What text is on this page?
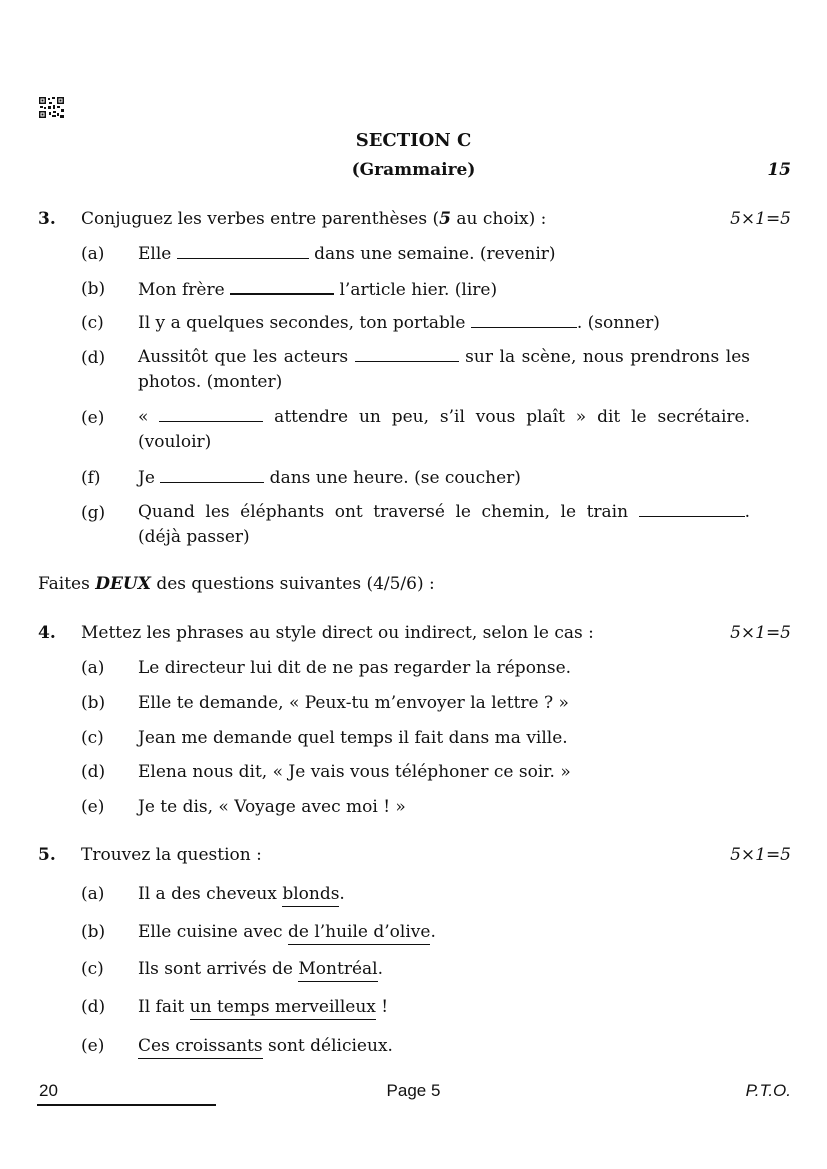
SECTION C
(Grammaire)	15
3. Conjuguez les verbes entre parenthèses (5 au choix) :	5×1=5
(a) Elle	dans une semaine. (revenir)
(b) Mon frère	l’article hier. (lire)
(c) Il y a quelques secondes, ton portable	. (sonner)
(d) Aussitôt que les acteurs	sur la scène, nous prendrons les photos. (monter)
(e) «	attendre un peu, s’il vous plaît » dit le secrétaire. (vouloir)
(f) Je	dans une heure. (se coucher)
(g) Quand les éléphants ont traversé le chemin, le train	. (déjà passer)
Faites DEUX des questions suivantes (4/5/6) :
4. Mettez les phrases au style direct ou indirect, selon le cas :	5×1=5
(a) Le directeur lui dit de ne pas regarder la réponse.
(b) Elle te demande, « Peux-tu m’envoyer la lettre ? »
(c) Jean me demande quel temps il fait dans ma ville.
(d) Elena nous dit, « Je vais vous téléphoner ce soir. »
(e) Je te dis, « Voyage avec moi ! »
5. Trouvez la question :	5×1=5
(a) Il a des cheveux blonds.
(b) Elle cuisine avec de l’huile d’olive.
(c) Ils sont arrivés de Montréal.
(d) Il fait un temps merveilleux !
(e) Ces croissants sont délicieux.
20	Page 5	P.T.O.
